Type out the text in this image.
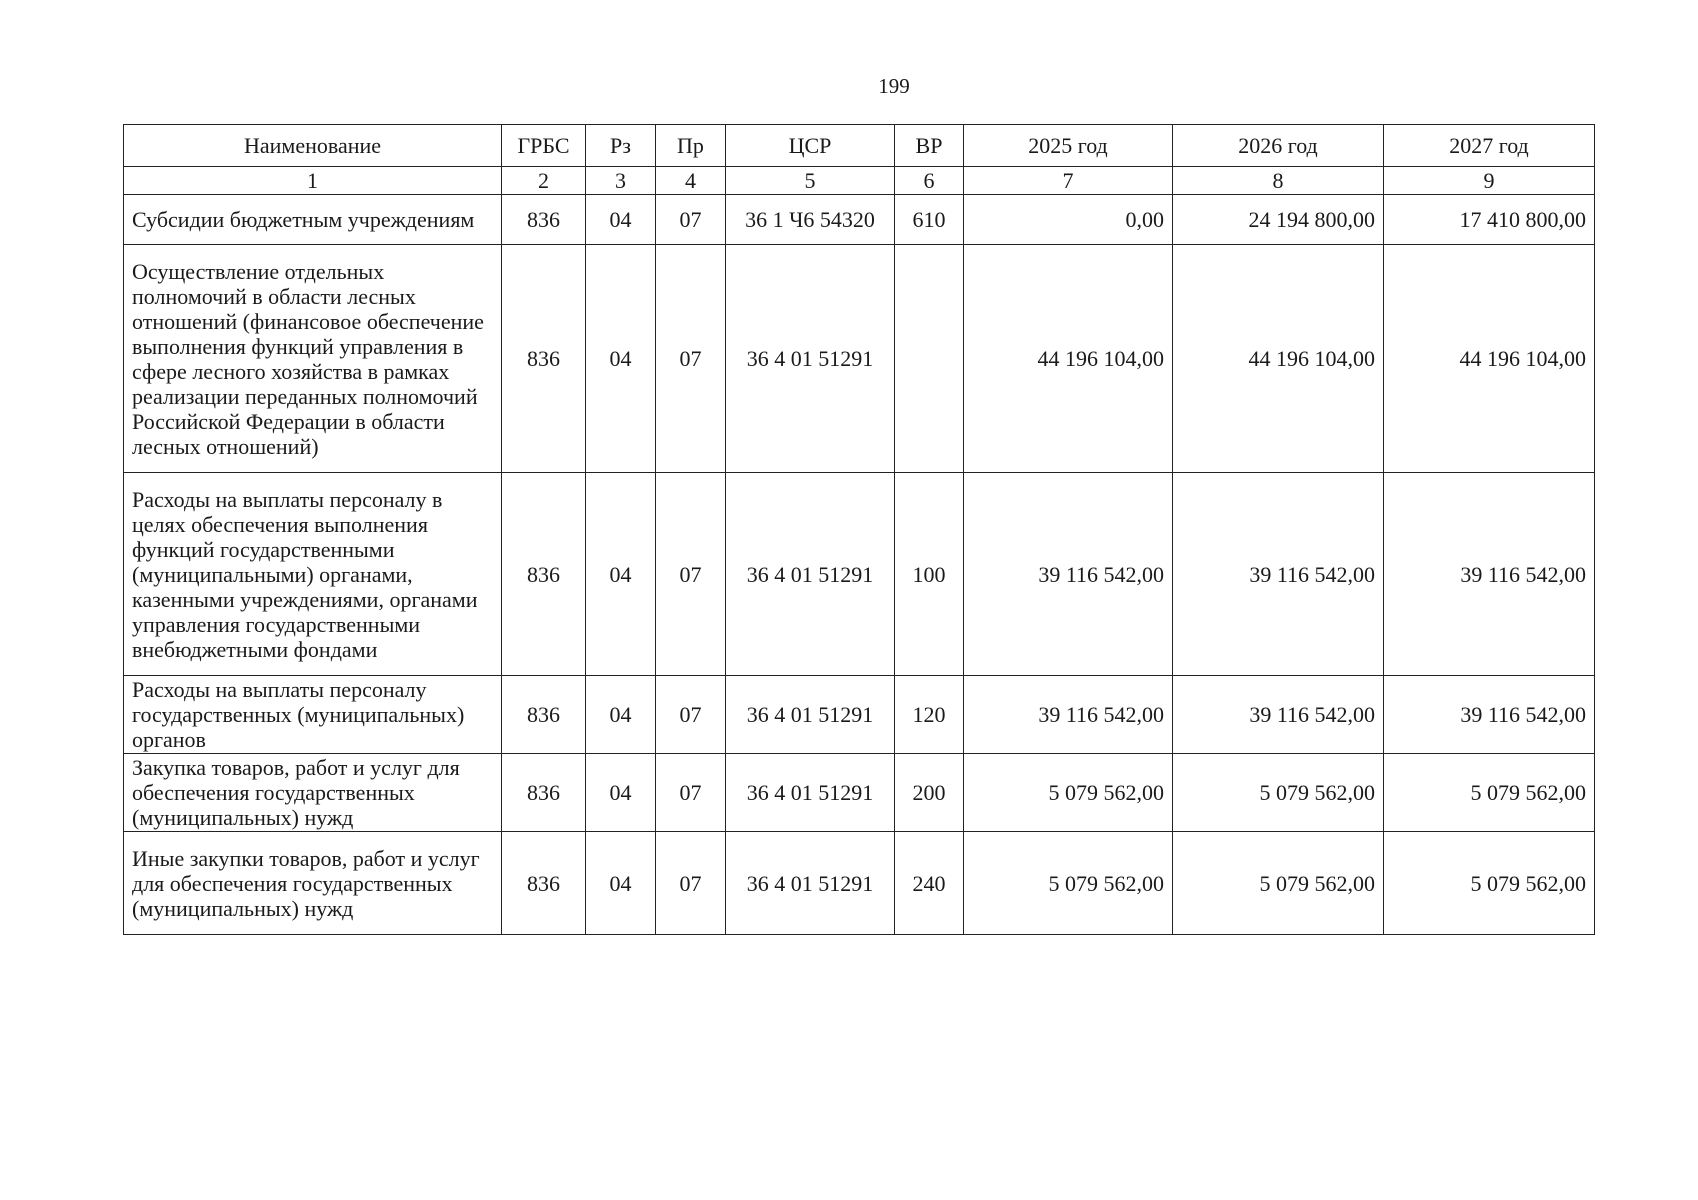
199
Наименование	ГРБС	Рз	Пр	ЦСР	ВР	2025 год	2026 год	2027 год
1	2	3	4	5	6	7	8	9
Субсидии бюджетным учреждениям	836	04	07	36 1 Ч6 54320	610	0,00	24 194 800,00	17 410 800,00
Осуществление отдельных полномочий в области лесных отношений (финансовое обеспечение выполнения функций управления в сфере лесного хозяйства в рамках реализации переданных полномочий Российской Федерации в области лесных отношений)	836	04	07	36 4 01 51291		44 196 104,00	44 196 104,00	44 196 104,00
Расходы на выплаты персоналу в целях обеспечения выполнения функций государственными (муниципальными) органами, казенными учреждениями, органами управления государственными внебюджетными фондами	836	04	07	36 4 01 51291	100	39 116 542,00	39 116 542,00	39 116 542,00
Расходы на выплаты персоналу государственных (муниципальных) органов	836	04	07	36 4 01 51291	120	39 116 542,00	39 116 542,00	39 116 542,00
Закупка товаров, работ и услуг для обеспечения государственных (муниципальных) нужд	836	04	07	36 4 01 51291	200	5 079 562,00	5 079 562,00	5 079 562,00
Иные закупки товаров, работ и услуг для обеспечения государственных (муниципальных) нужд	836	04	07	36 4 01 51291	240	5 079 562,00	5 079 562,00	5 079 562,00
